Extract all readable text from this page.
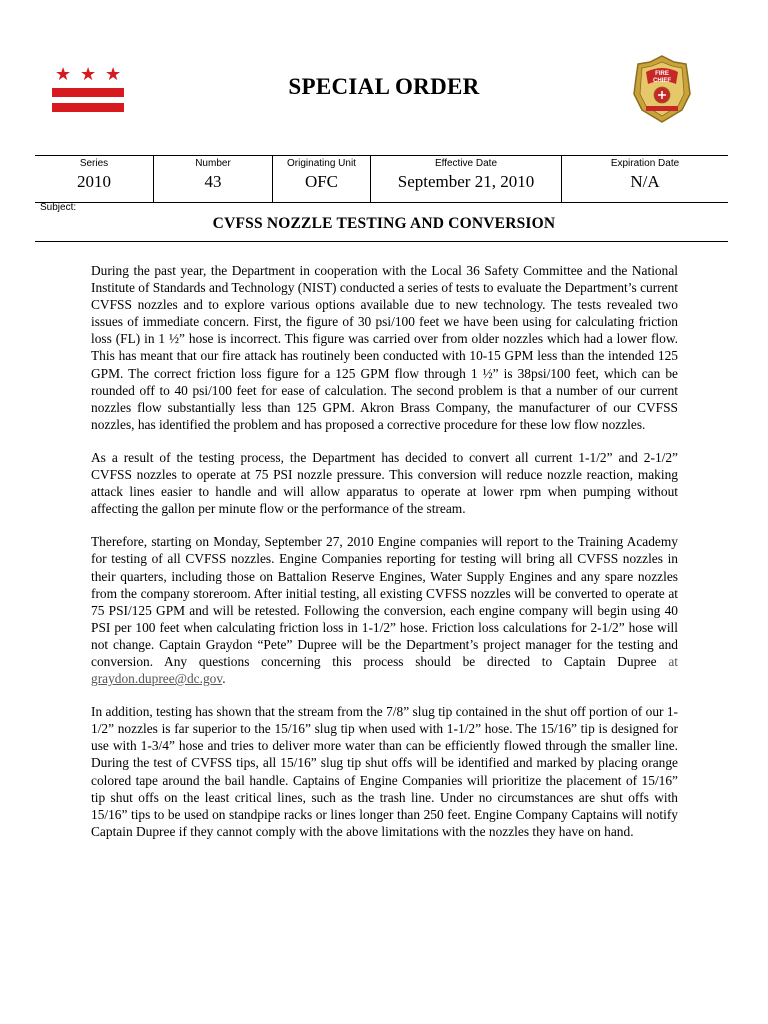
★ ★ ★	SPECIAL ORDER	FIRE
CHIEF
Series
2010
Number
43
Originating Unit
OFC
Effective Date
September 21, 2010
Expiration Date
N/A
Subject:
CVFSS NOZZLE TESTING AND CONVERSION

During the past year, the Department in cooperation with the Local 36 Safety Committee and the National Institute of Standards and Technology (NIST) conducted a series of tests to evaluate the Department’s current CVFSS nozzles and to explore various options available due to new technology. The tests revealed two issues of immediate concern. First, the figure of 30 psi/100 feet we have been using for calculating friction loss (FL) in 1 ½” hose is incorrect. This figure was carried over from older nozzles which had a lower flow. This has meant that our fire attack has routinely been conducted with 10-15 GPM less than the intended 125 GPM. The correct friction loss figure for a 125 GPM flow through 1 ½” is 38psi/100 feet, which can be rounded off to 40 psi/100 feet for ease of calculation. The second problem is that a number of our current nozzles flow substantially less than 125 GPM. Akron Brass Company, the manufacturer of our CVFSS nozzles, has identified the problem and has proposed a corrective procedure for these low flow nozzles.

As a result of the testing process, the Department has decided to convert all current 1-1/2” and 2-1/2” CVFSS nozzles to operate at 75 PSI nozzle pressure. This conversion will reduce nozzle reaction, making attack lines easier to handle and will allow apparatus to operate at lower rpm when pumping without affecting the gallon per minute flow or the performance of the stream.

Therefore, starting on Monday, September 27, 2010 Engine companies will report to the Training Academy for testing of all CVFSS nozzles. Engine Companies reporting for testing will bring all CVFSS nozzles in their quarters, including those on Battalion Reserve Engines, Water Supply Engines and any spare nozzles from the company storeroom. After initial testing, all existing CVFSS nozzles will be converted to operate at 75 PSI/125 GPM and will be retested. Following the conversion, each engine company will begin using 40 PSI per 100 feet when calculating friction loss in 1-1/2” hose. Friction loss calculations for 2-1/2” hose will not change. Captain Graydon “Pete” Dupree will be the Department’s project manager for the testing and conversion. Any questions concerning this process should be directed to Captain Dupree at graydon.dupree@dc.gov.

In addition, testing has shown that the stream from the 7/8” slug tip contained in the shut off portion of our 1-1/2” nozzles is far superior to the 15/16” slug tip when used with 1-1/2” hose. The 15/16” tip is designed for use with 1-3/4” hose and tries to deliver more water than can be efficiently flowed through the smaller line. During the test of CVFSS tips, all 15/16” slug tip shut offs will be identified and marked by placing orange colored tape around the bail handle. Captains of Engine Companies will prioritize the placement of 15/16” tip shut offs on the least critical lines, such as the trash line. Under no circumstances are shut offs with 15/16” tips to be used on standpipe racks or lines longer than 250 feet. Engine Company Captains will notify Captain Dupree if they cannot comply with the above limitations with the nozzles they have on hand.
